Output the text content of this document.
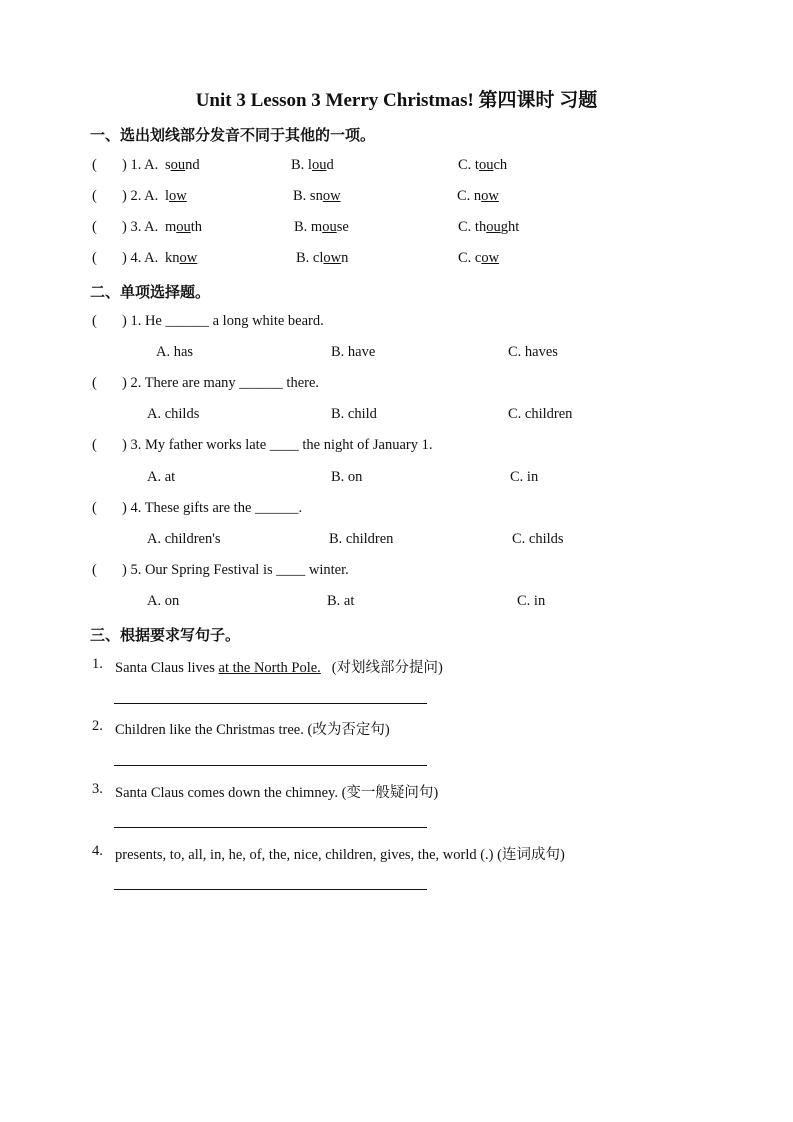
Unit 3 Lesson 3 Merry Christmas! 第四课时 习题
一、选出划线部分发音不同于其他的一项。
( ) 1. A. sound	B. loud	C. touch
( ) 2. A. low	B. snow	C. now
( ) 3. A. mouth	B. mouse	C. thought
( ) 4. A. know	B. clown	C. cow
二、单项选择题。
( ) 1. He ______ a long white beard.
A. has	B. have	C. haves
( ) 2. There are many ______ there.
A. childs	B. child	C. children
( ) 3. My father works late ____ the night of January 1.
A. at	B. on	C. in
( ) 4. These gifts are the ______.
A. children's	B. children	C. childs
( ) 5. Our Spring Festival is ____ winter.
A. on	B. at	C. in
三、根据要求写句子。
1. Santa Claus lives at the North Pole.   (对划线部分提问)
2. Children like the Christmas tree. (改为否定句)
3. Santa Claus comes down the chimney. (变一般疑问句)
4. presents, to, all, in, he, of, the, nice, children, gives, the, world (.) (连词成句)
